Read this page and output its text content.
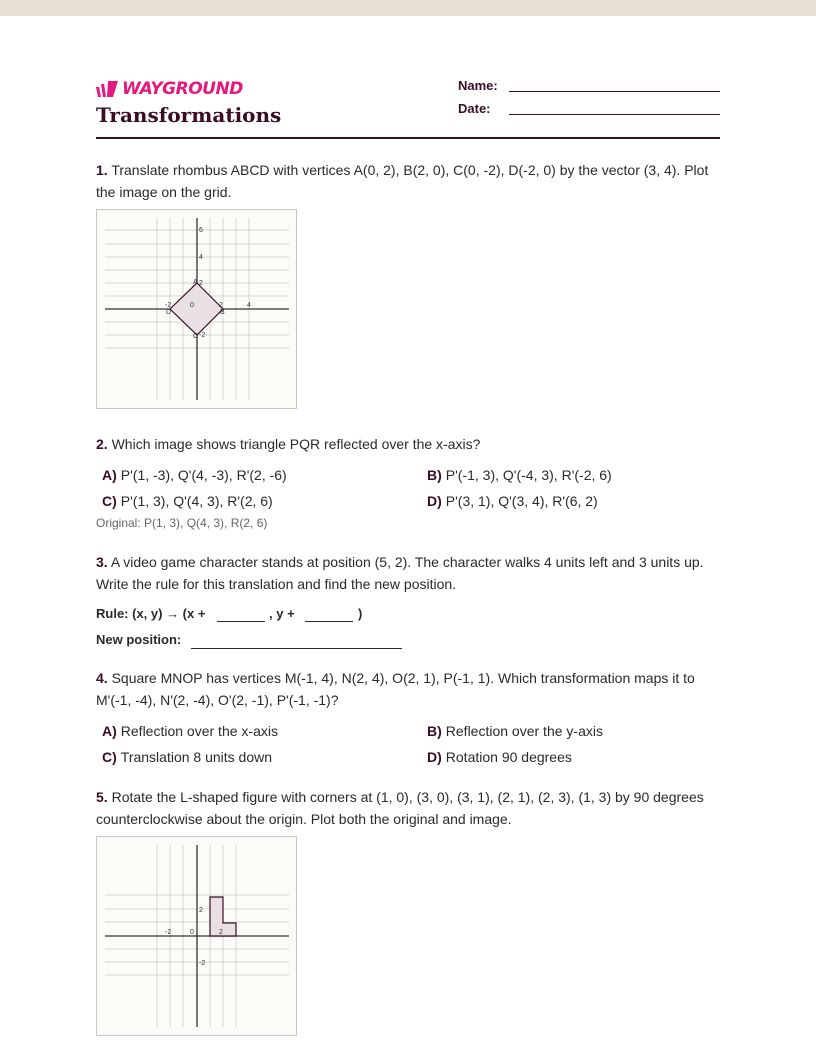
WAYGROUND
Transformations
Name:
Date:
1. Translate rhombus ABCD with vertices A(0, 2), B(2, 0), C(0, -2), D(-2, 0) by the vector (3, 4). Plot the image on the grid.
6
4
2
-2
-2	0	2	4
A
B
C
D
2. Which image shows triangle PQR reflected over the x-axis?
A) P'(1, -3), Q'(4, -3), R'(2, -6)	B) P'(-1, 3), Q'(-4, 3), R'(-2, 6)
C) P'(1, 3), Q'(4, 3), R'(2, 6)	D) P'(3, 1), Q'(3, 4), R'(6, 2)
Original: P(1, 3), Q(4, 3), R(2, 6)
3. A video game character stands at position (5, 2). The character walks 4 units left and 3 units up. Write the rule for this translation and find the new position.
Rule: (x, y) → (x +	, y +	)
New position:
4. Square MNOP has vertices M(-1, 4), N(2, 4), O(2, 1), P(-1, 1). Which transformation maps it to M'(-1, -4), N'(2, -4), O'(2, -1), P'(-1, -1)?
A) Reflection over the x-axis	B) Reflection over the y-axis
C) Translation 8 units down	D) Rotation 90 degrees
5. Rotate the L-shaped figure with corners at (1, 0), (3, 0), (3, 1), (2, 1), (2, 3), (1, 3) by 90 degrees counterclockwise about the origin. Plot both the original and image.
2
-2
-2	0	2
